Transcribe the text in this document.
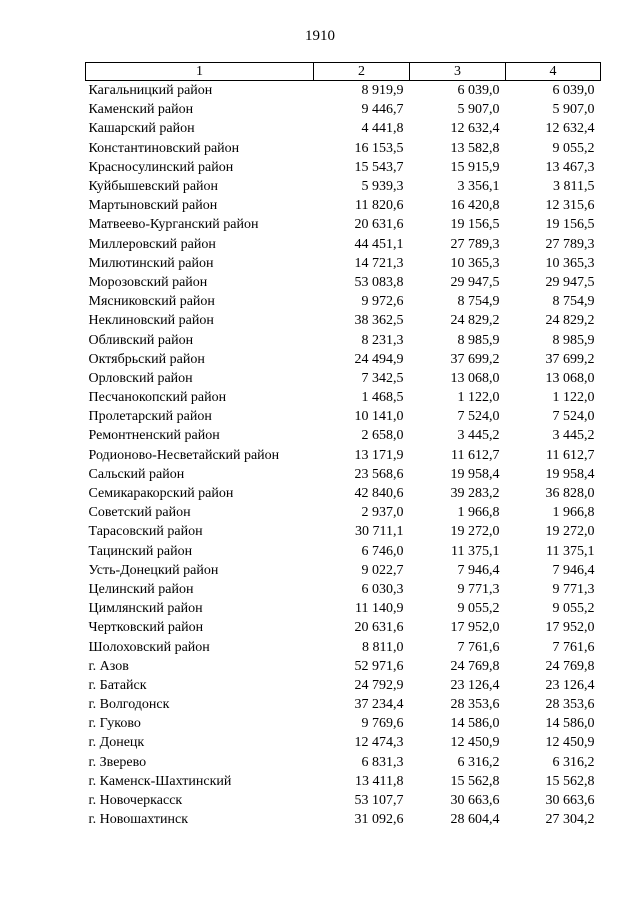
1910
1	2	3	4
Кагальницкий район	8 919,9	6 039,0	6 039,0
Каменский район	9 446,7	5 907,0	5 907,0
Кашарский район	4 441,8	12 632,4	12 632,4
Константиновский район	16 153,5	13 582,8	9 055,2
Красносулинский район	15 543,7	15 915,9	13 467,3
Куйбышевский район	5 939,3	3 356,1	3 811,5
Мартыновский район	11 820,6	16 420,8	12 315,6
Матвеево-Курганский район	20 631,6	19 156,5	19 156,5
Миллеровский район	44 451,1	27 789,3	27 789,3
Милютинский район	14 721,3	10 365,3	10 365,3
Морозовский район	53 083,8	29 947,5	29 947,5
Мясниковский район	9 972,6	8 754,9	8 754,9
Неклиновский район	38 362,5	24 829,2	24 829,2
Обливский район	8 231,3	8 985,9	8 985,9
Октябрьский район	24 494,9	37 699,2	37 699,2
Орловский район	7 342,5	13 068,0	13 068,0
Песчанокопский район	1 468,5	1 122,0	1 122,0
Пролетарский район	10 141,0	7 524,0	7 524,0
Ремонтненский район	2 658,0	3 445,2	3 445,2
Родионово-Несветайский район	13 171,9	11 612,7	11 612,7
Сальский район	23 568,6	19 958,4	19 958,4
Семикаракорский район	42 840,6	39 283,2	36 828,0
Советский район	2 937,0	1 966,8	1 966,8
Тарасовский район	30 711,1	19 272,0	19 272,0
Тацинский район	6 746,0	11 375,1	11 375,1
Усть-Донецкий район	9 022,7	7 946,4	7 946,4
Целинский район	6 030,3	9 771,3	9 771,3
Цимлянский район	11 140,9	9 055,2	9 055,2
Чертковский район	20 631,6	17 952,0	17 952,0
Шолоховский район	8 811,0	7 761,6	7 761,6
г. Азов	52 971,6	24 769,8	24 769,8
г. Батайск	24 792,9	23 126,4	23 126,4
г. Волгодонск	37 234,4	28 353,6	28 353,6
г. Гуково	9 769,6	14 586,0	14 586,0
г. Донецк	12 474,3	12 450,9	12 450,9
г. Зверево	6 831,3	6 316,2	6 316,2
г. Каменск-Шахтинский	13 411,8	15 562,8	15 562,8
г. Новочеркасск	53 107,7	30 663,6	30 663,6
г. Новошахтинск	31 092,6	28 604,4	27 304,2
